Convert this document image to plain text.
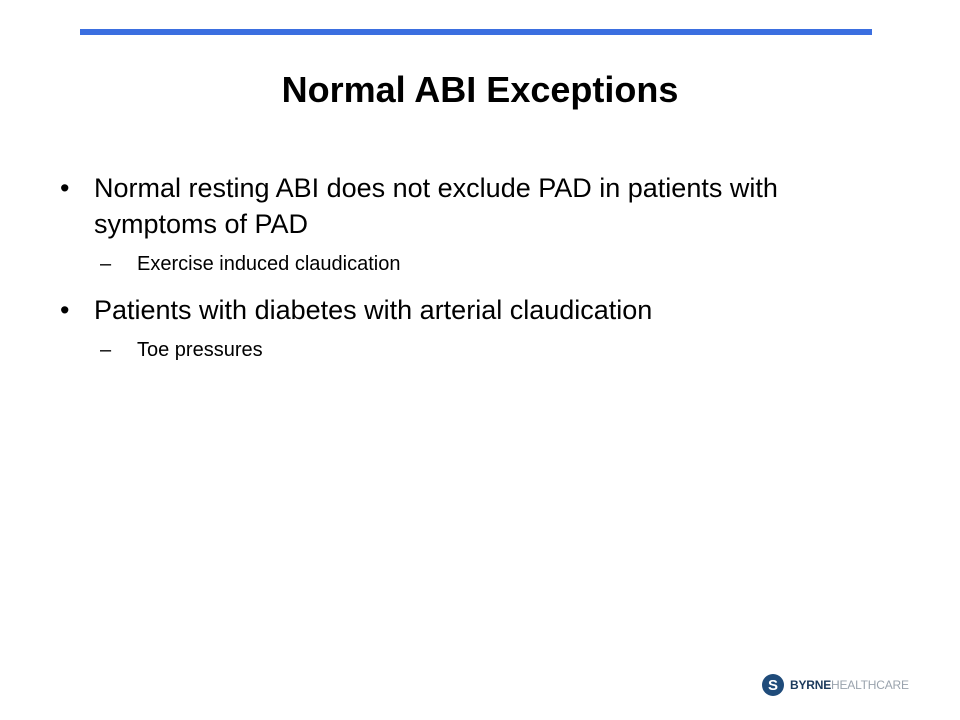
Normal ABI Exceptions
• Normal resting ABI does not exclude PAD in patients with symptoms of PAD
– Exercise induced claudication
• Patients with diabetes with arterial claudication
– Toe pressures
S	BYRNEHEALTHCARE
